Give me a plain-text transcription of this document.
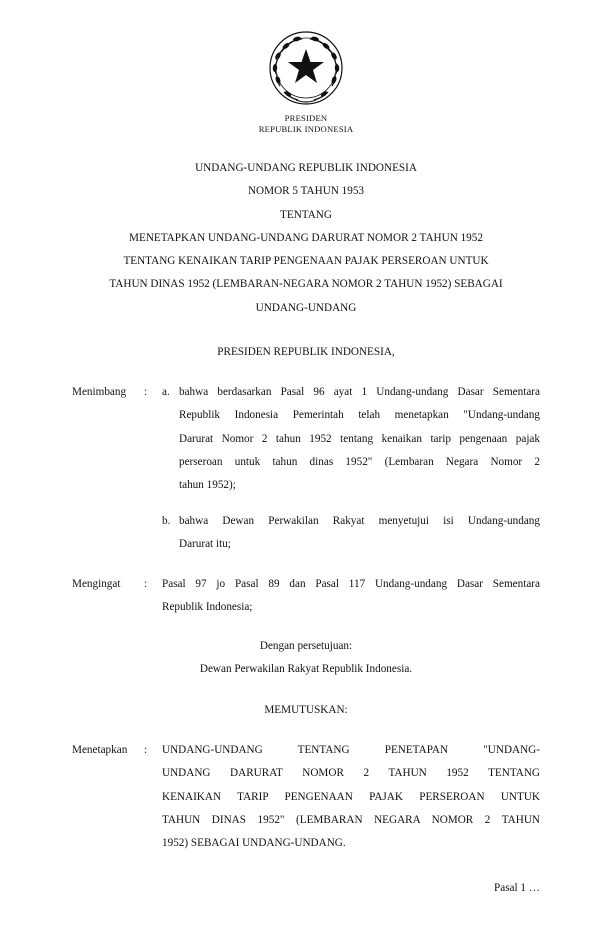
PRESIDEN
REPUBLIK INDONESIA
UNDANG-UNDANG REPUBLIK INDONESIA
NOMOR 5 TAHUN 1953
TENTANG
MENETAPKAN UNDANG-UNDANG DARURAT NOMOR 2 TAHUN 1952
TENTANG KENAIKAN TARIP PENGENAAN PAJAK PERSEROAN UNTUK
TAHUN DINAS 1952 (LEMBARAN-NEGARA NOMOR 2 TAHUN 1952) SEBAGAI
UNDANG-UNDANG
PRESIDEN REPUBLIK INDONESIA,
Menimbang : a. bahwa berdasarkan Pasal 96 ayat 1 Undang-undang Dasar Sementara
Republik Indonesia Pemerintah telah menetapkan "Undang-undang
Darurat Nomor 2 tahun 1952 tentang kenaikan tarip pengenaan pajak
perseroan untuk tahun dinas 1952" (Lembaran Negara Nomor 2
tahun 1952);
b. bahwa Dewan Perwakilan Rakyat menyetujui isi Undang-undang
Darurat itu;
Mengingat : Pasal 97 jo Pasal 89 dan Pasal 117 Undang-undang Dasar Sementara
Republik Indonesia;
Dengan persetujuan:
Dewan Perwakilan Rakyat Republik Indonesia.
MEMUTUSKAN:
Menetapkan : UNDANG-UNDANG TENTANG PENETAPAN "UNDANG-
UNDANG DARURAT NOMOR 2 TAHUN 1952 TENTANG
KENAIKAN TARIP PENGENAAN PAJAK PERSEROAN UNTUK
TAHUN DINAS 1952" (LEMBARAN NEGARA NOMOR 2 TAHUN
1952) SEBAGAI UNDANG-UNDANG.
Pasal 1 …
